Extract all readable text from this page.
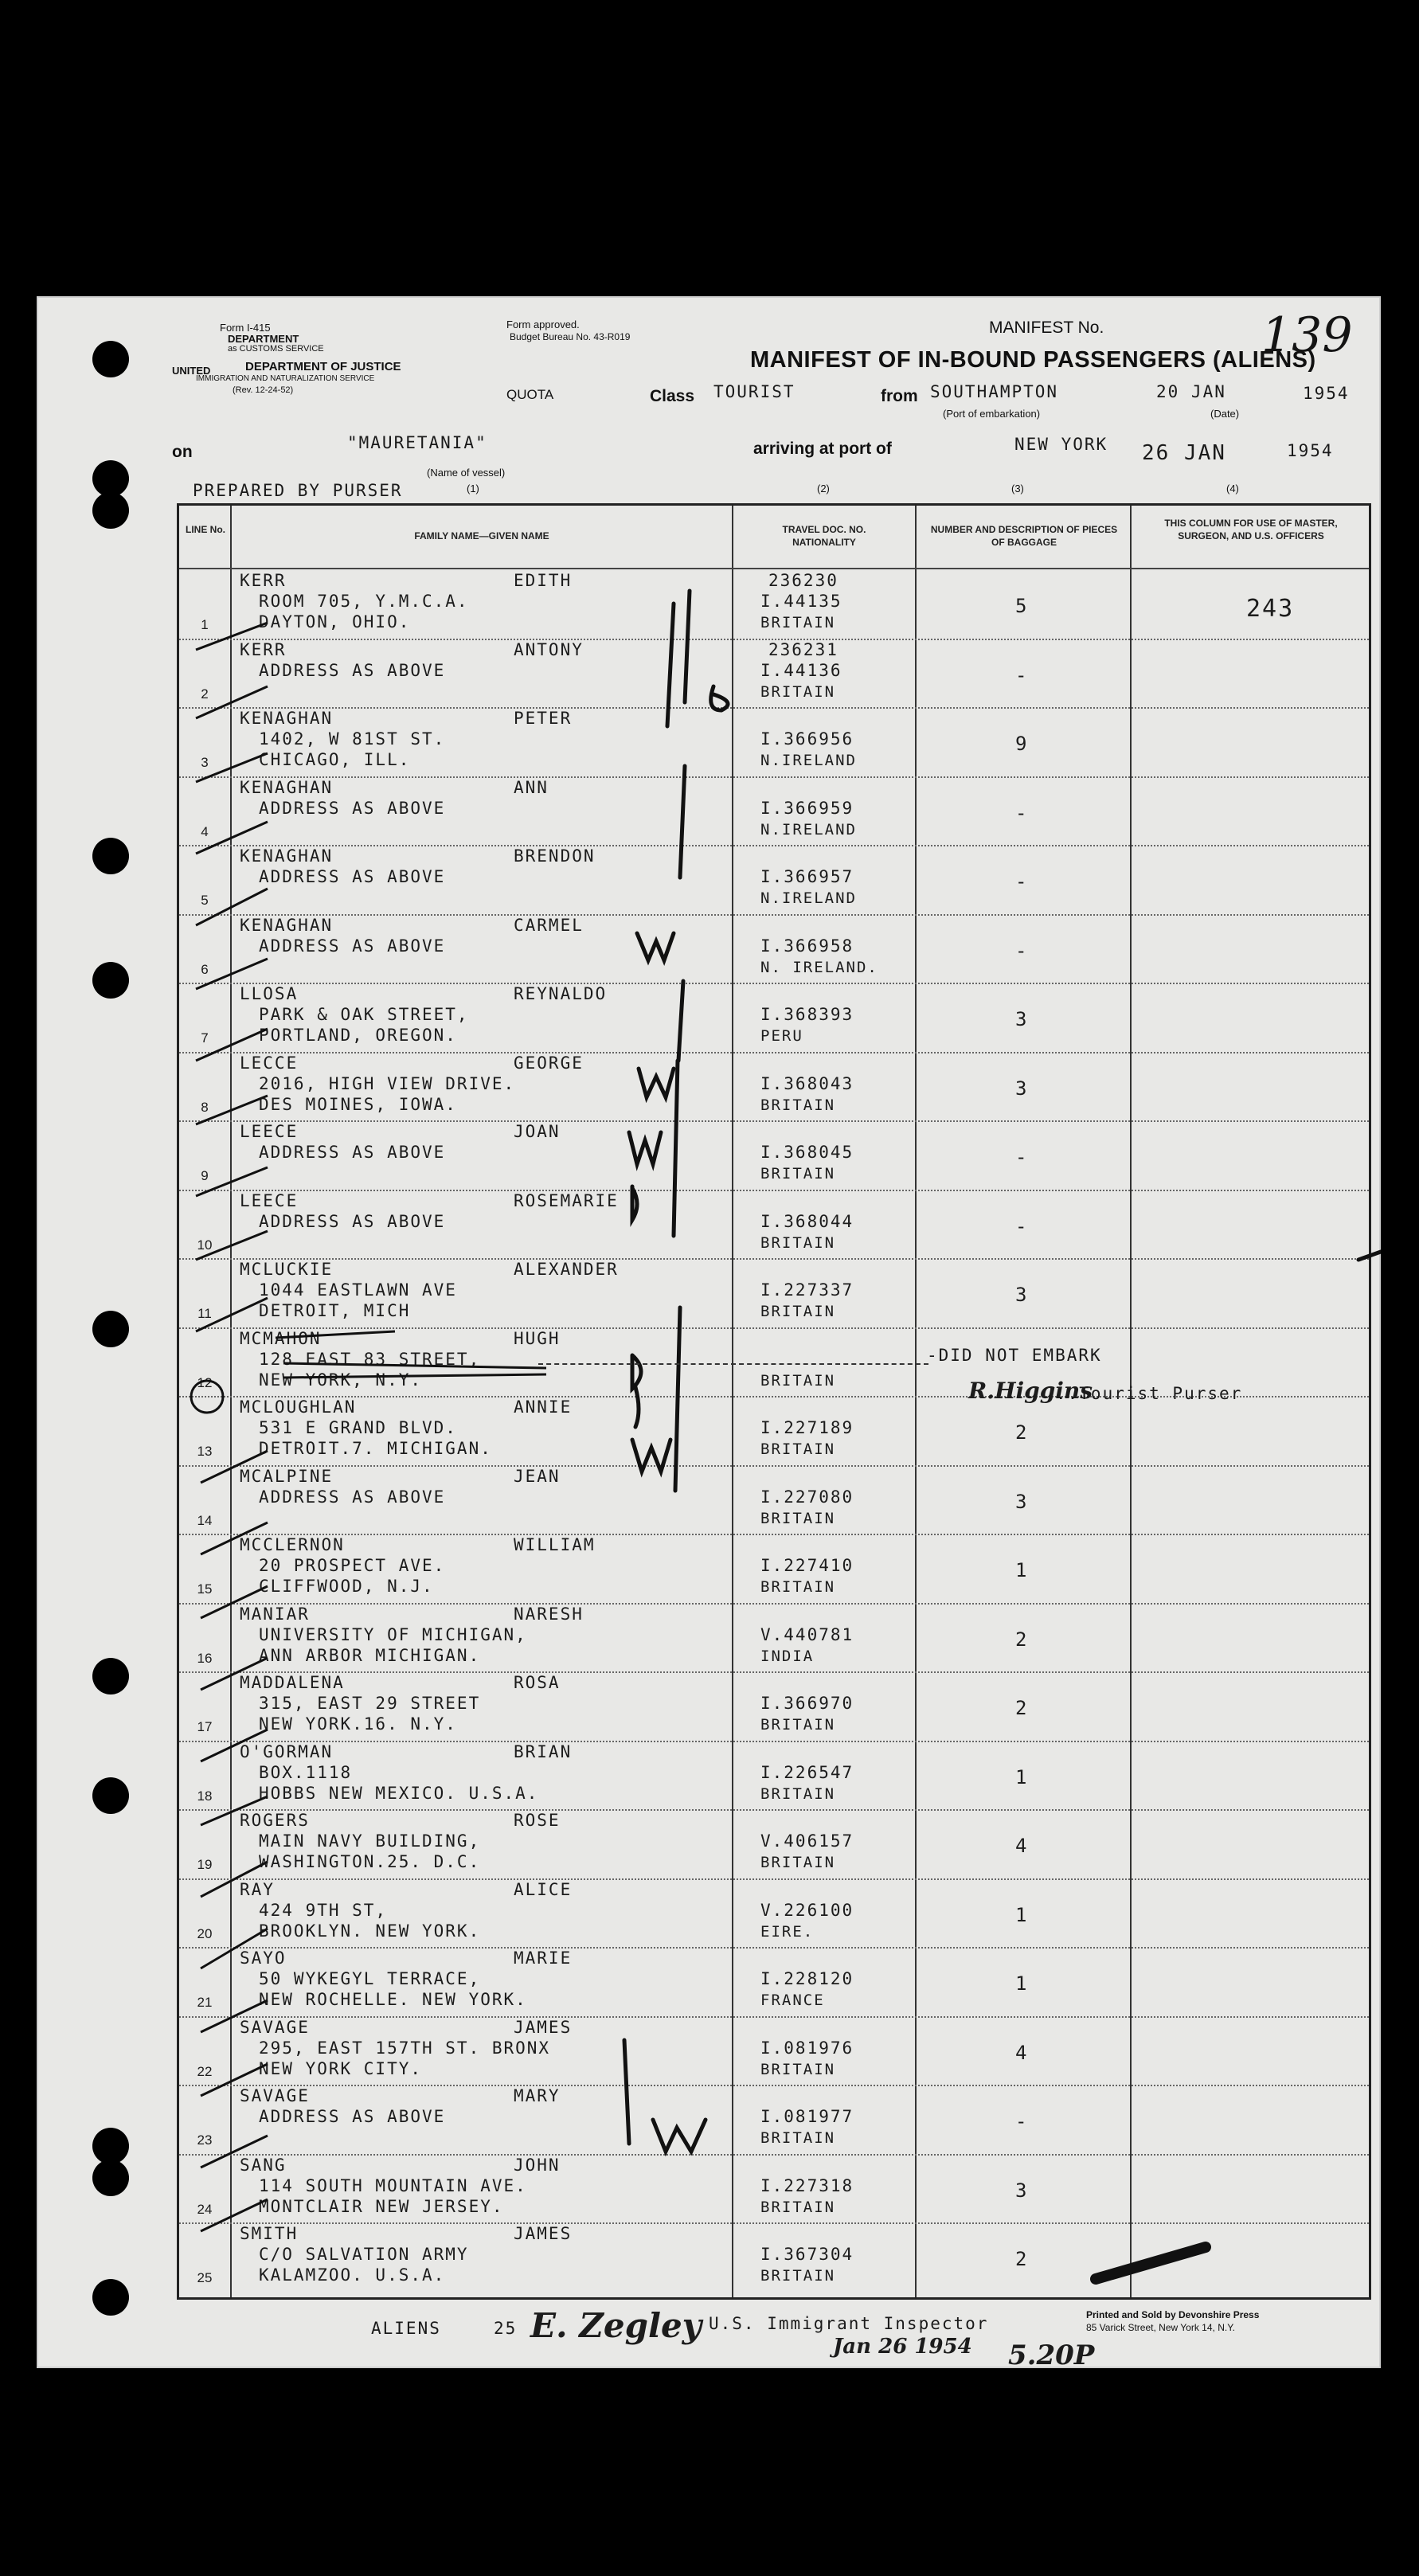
Form I-415
DEPARTMENT
as CUSTOMS SERVICE
UNITED	DEPARTMENT OF JUSTICE
IMMIGRATION AND NATURALIZATION SERVICE
(Rev. 12-24-52)
Form approved.
Budget Bureau No. 43-R019	MANIFEST No.	139
MANIFEST OF IN-BOUND PASSENGERS (ALIENS)
QUOTA	Class TOURIST	from SOUTHAMPTON
(Port of embarkation)
20 JAN	1954
(Date)
on	"MAURETANIA"
(Name of vessel)
arriving at port of	NEW YORK 26 JAN	1954
PREPARED BY PURSER	(1)	(2)	(3)	(4)
LINE No.
FAMILY NAME—GIVEN NAME
TRAVEL DOC. NO. NATIONALITY
NUMBER AND DESCRIPTION OF PIECES OF BAGGAGE
THIS COLUMN FOR USE OF MASTER, SURGEON, AND U.S. OFFICERS
1
KERR	EDITH
ROOM 705, Y.M.C.A.
DAYTON, OHIO.
236230
I.44135
BRITAIN
5	243
2
KERR	ANTONY
ADDRESS AS ABOVE
236231
I.44136
BRITAIN
-
3
KENAGHAN	PETER
1402, W 81ST ST.
CHICAGO, ILL.
I.366956
N.IRELAND
9
4
KENAGHAN	ANN
ADDRESS AS ABOVE	I.366959
N.IRELAND
-
5
KENAGHAN	BRENDON
ADDRESS AS ABOVE	I.366957
N.IRELAND
-
6
KENAGHAN	CARMEL
ADDRESS AS ABOVE	I.366958
N. IRELAND.
-
7
LLOSA	REYNALDO
PARK & OAK STREET,
PORTLAND, OREGON.
I.368393
PERU
3
8
LECCE	GEORGE
2016, HIGH VIEW DRIVE.
DES MOINES, IOWA.
I.368043
BRITAIN
3
9
LEECE	JOAN
ADDRESS AS ABOVE	I.368045
BRITAIN
-
10
LEECE	ROSEMARIE
ADDRESS AS ABOVE	I.368044
BRITAIN
-
11
MCLUCKIE	ALEXANDER
1044 EASTLAWN AVE
DETROIT, MICH
I.227337
BRITAIN
3
12
MCMAHON	HUGH
128 EAST 83 STREET,
NEW YORK, N.Y.	BRITAIN
13
MCLOUGHLAN	ANNIE
531 E GRAND BLVD.
DETROIT.7. MICHIGAN.
I.227189
BRITAIN
2
14
MCALPINE	JEAN
ADDRESS AS ABOVE	I.227080
BRITAIN
3
15
MCCLERNON	WILLIAM
20 PROSPECT AVE.
CLIFFWOOD, N.J.
I.227410
BRITAIN
1
16
MANIAR	NARESH
UNIVERSITY OF MICHIGAN,
ANN ARBOR MICHIGAN.
V.440781
INDIA
2
17
MADDALENA	ROSA
315, EAST 29 STREET
NEW YORK.16. N.Y.
I.366970
BRITAIN
2
18
O'GORMAN	BRIAN
BOX.1118
HOBBS NEW MEXICO. U.S.A.
I.226547
BRITAIN
1
19
ROGERS	ROSE
MAIN NAVY BUILDING,
WASHINGTON.25. D.C.
V.406157
BRITAIN
4
20
RAY	ALICE
424 9TH ST,
BROOKLYN. NEW YORK.
V.226100
EIRE.
1
21
SAYO	MARIE
50 WYKEGYL TERRACE,
NEW ROCHELLE. NEW YORK.
I.228120
FRANCE
1
22
SAVAGE	JAMES
295, EAST 157TH ST. BRONX
NEW YORK CITY.
I.081976
BRITAIN
4
23
SAVAGE	MARY
ADDRESS AS ABOVE	I.081977
BRITAIN
-
24
SANG	JOHN
114 SOUTH MOUNTAIN AVE.
MONTCLAIR NEW JERSEY.
I.227318
BRITAIN
3
25
SMITH	JAMES
C/O SALVATION ARMY
KALAMZOO. U.S.A.
I.367304
BRITAIN
2
-DID NOT EMBARK
R.Higgins
..Tourist Purser
ALIENS	25 E. Zegley U.S. Immigrant Inspector
Jan 26 1954 5.20P
Printed and Sold by Devonshire Press
85 Varick Street, New York 14, N.Y.
